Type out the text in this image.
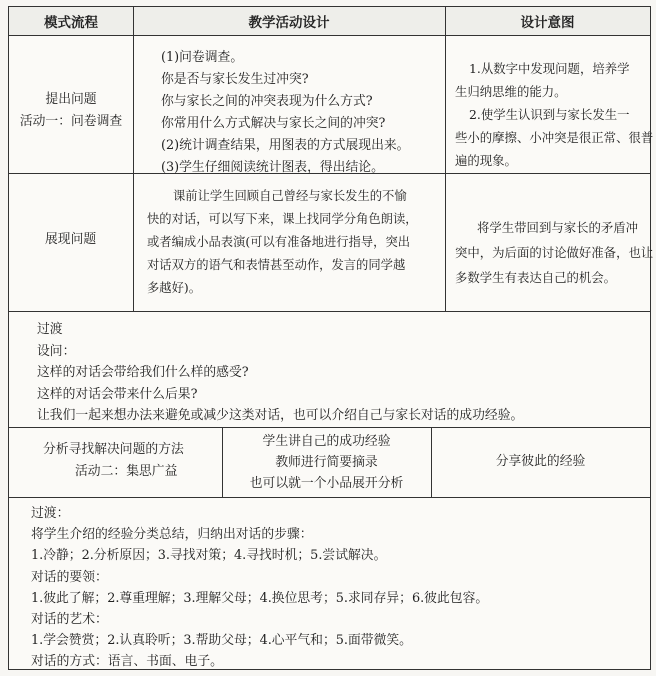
模式流程	教学活动设计	设计意图
提出问题
活动一：问卷调查
(1)问卷调查。
你是否与家长发生过冲突?
你与家长之间的冲突表现为什么方式?
你常用什么方式解决与家长之间的冲突?
(2)统计调查结果，用图表的方式展现出来。
(3)学生仔细阅读统计图表，得出结论。
1.从数字中发现问题，培养学
生归纳思维的能力。
2.使学生认识到与家长发生一
些小的摩擦、小冲突是很正常、很普
遍的现象。
展现问题
课前让学生回顾自己曾经与家长发生的不愉
快的对话，可以写下来，课上找同学分角色朗读，
或者编成小品表演(可以有准备地进行指导，突出
对话双方的语气和表情甚至动作，发言的同学越
多越好)。
将学生带回到与家长的矛盾冲
突中，为后面的讨论做好准备，也让
多数学生有表达自己的机会。
过渡
设问：
这样的对话会带给我们什么样的感受?
这样的对话会带来什么后果?
让我们一起来想办法来避免或减少这类对话，也可以介绍自己与家长对话的成功经验。
分析寻找解决问题的方法
活动二：集思广益
学生讲自己的成功经验
教师进行简要摘录
也可以就一个小品展开分析
分享彼此的经验
过渡：
将学生介绍的经验分类总结，归纳出对话的步骤：
1.冷静；2.分析原因；3.寻找对策；4.寻找时机；5.尝试解决。
对话的要领：
1.彼此了解；2.尊重理解；3.理解父母；4.换位思考；5.求同存异；6.彼此包容。
对话的艺术：
1.学会赞赏；2.认真聆听；3.帮助父母；4.心平气和；5.面带微笑。
对话的方式：语言、书面、电子。
